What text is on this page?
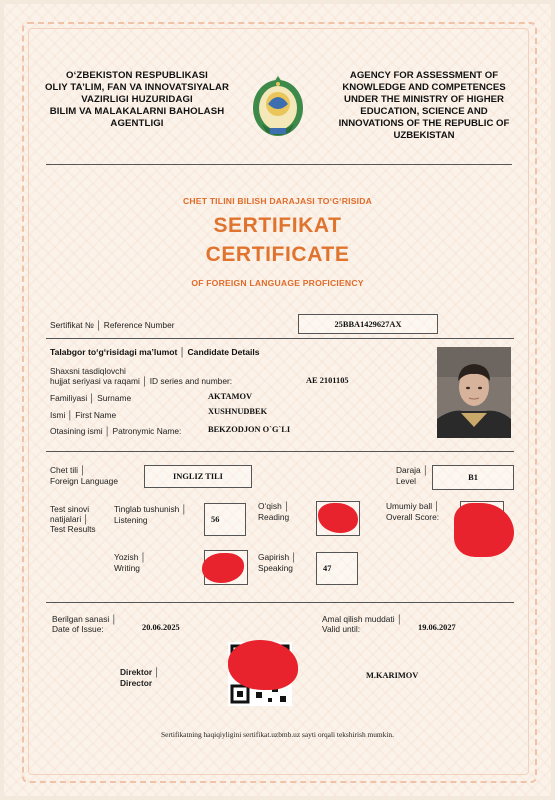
O‘ZBEKISTON RESPUBLIKASI
OLIY TA’LIM, FAN VA INNOVATSIYALAR
VAZIRLIGI HUZURIDAGI
BILIM VA MALAKALARNI BAHOLASH
AGENTLIGI
AGENCY FOR ASSESSMENT OF
KNOWLEDGE AND COMPETENCES
UNDER THE MINISTRY OF HIGHER
EDUCATION, SCIENCE AND
INNOVATIONS OF THE REPUBLIC OF
UZBEKISTAN
CHET TILINI BILISH DARAJASI TO‘G‘RISIDA
SERTIFIKAT
CERTIFICATE
OF FOREIGN LANGUAGE PROFICIENCY
Sertifikat № │ Reference Number	25BBA1429627AX
Talabgor to‘g‘risidagi ma’lumot │ Candidate Details
Shaxsni tasdiqlovchi
hujjat seriyasi va raqami │ ID series and number:	AE 2101105
Familiyasi │ Surname	AKTAMOV
Ismi │ First Name	XUSHNUDBEK
Otasining ismi │ Patronymic Name:	BEKZODJON O`G`LI
Chet tili │
Foreign Language	INGLIZ TILI
Daraja │
Level	B1
Test sinovi
natijalari │
Test Results
Tinglab tushunish │
Listening	56
O‘qish │
Reading
Umumiy ball │
Overall Score:
Yozish │
Writing
Gapirish │
Speaking	47
Berilgan sanasi │
Date of Issue:	20.06.2025
Amal qilish muddati │
Valid until:	19.06.2027
Direktor │
Director
M.KARIMOV
Sertifikatning haqiqiyligini sertifikat.uzbmb.uz sayti orqali tekshirish mumkin.
